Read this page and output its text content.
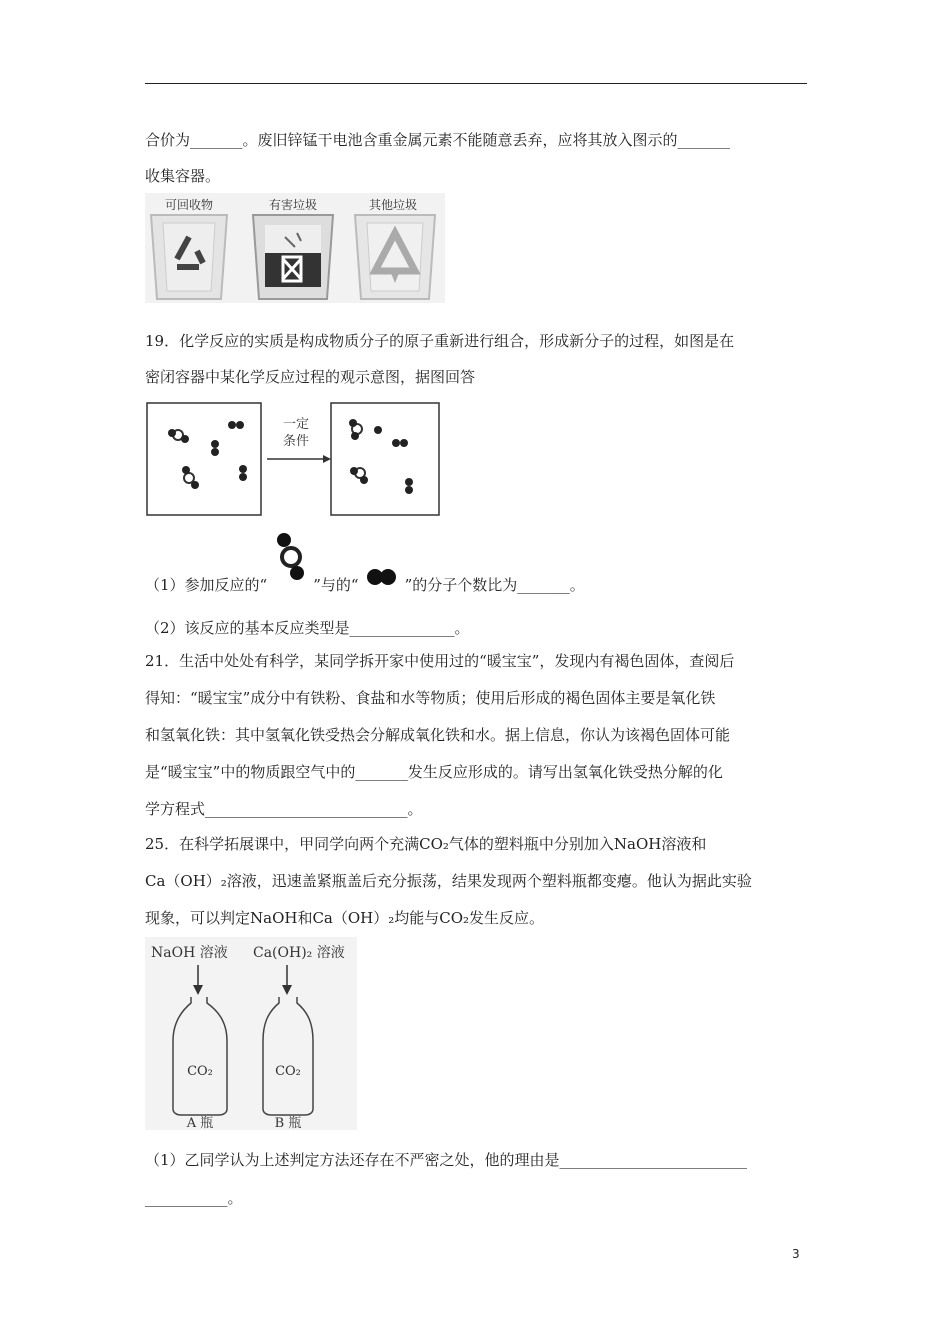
合价为_______。废旧锌锰干电池含重金属元素不能随意丢弃，应将其放入图示的_______
收集容器。
可回收物	有害垃圾	其他垃圾
19．化学反应的实质是构成物质分子的原子重新进行组合，形成新分子的过程，如图是在
密闭容器中某化学反应过程的观示意图，据图回答
一定
条件
（1）参加反应的“	”与的“	”的分子个数比为_______。
（2）该反应的基本反应类型是______________。
21．生活中处处有科学，某同学拆开家中使用过的“暖宝宝”，发现内有褐色固体，查阅后
得知：“暖宝宝”成分中有铁粉、食盐和水等物质；使用后形成的褐色固体主要是氧化铁
和氢氧化铁：其中氢氧化铁受热会分解成氧化铁和水。据上信息，你认为该褐色固体可能
是“暖宝宝”中的物质跟空气中的_______发生反应形成的。请写出氢氧化铁受热分解的化
学方程式___________________________。
25．在科学拓展课中，甲同学向两个充满CO₂气体的塑料瓶中分别加入NaOH溶液和
Ca（OH）₂溶液，迅速盖紧瓶盖后充分振荡，结果发现两个塑料瓶都变瘪。他认为据此实验
现象，可以判定NaOH和Ca（OH）₂均能与CO₂发生反应。
NaOH 溶液 Ca(OH)₂ 溶液
CO₂	CO₂
A 瓶	B 瓶
（1）乙同学认为上述判定方法还存在不严密之处，他的理由是_________________________
___________。
3
